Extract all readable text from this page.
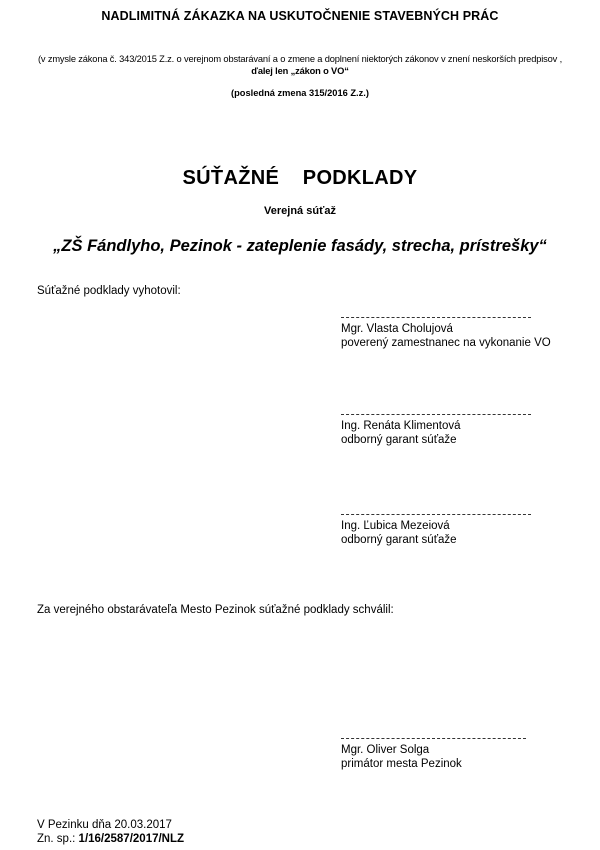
NADLIMITNÁ ZÁKAZKA NA USKUTOČNENIE STAVEBNÝCH PRÁC
(v zmysle zákona č. 343/2015 Z.z. o verejnom obstarávaní a o zmene a doplnení niektorých zákonov v znení neskorších predpisov , ďalej len „zákon o VO“
(posledná zmena 315/2016 Z.z.)
SÚŤAŽNÉ  PODKLADY
Verejná súťaž
„ZŠ Fándlyho, Pezinok - zateplenie fasády, strecha, prístrešky“
Súťažné podklady vyhotovil:
Mgr. Vlasta Cholujová
poverený zamestnanec na vykonanie VO
Ing. Renáta Klimentová
odborný garant súťaže
Ing. Ľubica Mezeiová
odborný garant súťaže
Za verejného obstarávateľa Mesto Pezinok súťažné podklady schválil:
Mgr. Oliver Solga
primátor mesta Pezinok
V Pezinku dňa 20.03.2017
Zn. sp.: 1/16/2587/2017/NLZ
